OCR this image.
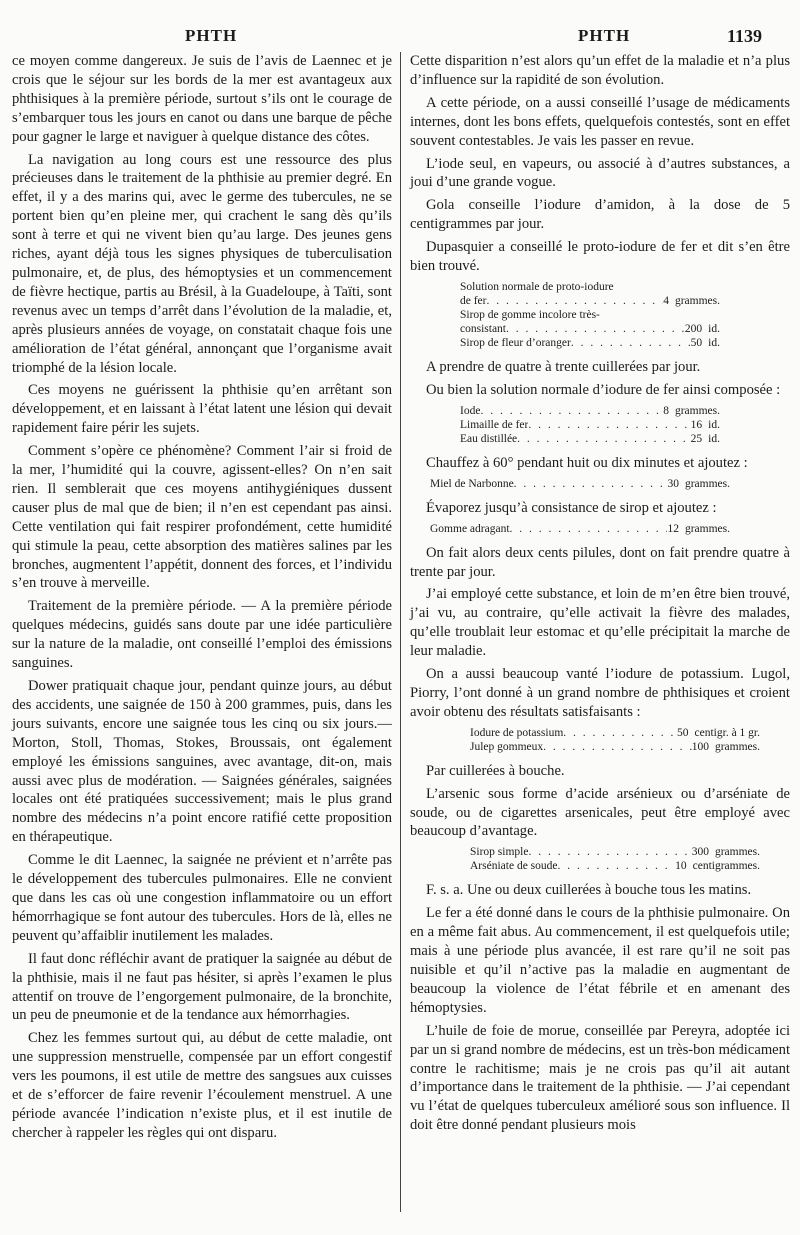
PHTH	PHTH	1139

ce moyen comme dangereux. Je suis de l’avis de Laennec et je crois que le séjour sur les bords de la mer est avantageux aux phthisiques à la première période, surtout s’ils ont le courage de s’embarquer tous les jours en canot ou dans une barque de pêche pour gagner le large et naviguer à quelque distance des côtes.

La navigation au long cours est une ressource des plus précieuses dans le traitement de la phthisie au premier degré. En effet, il y a des marins qui, avec le germe des tubercules, ne se portent bien qu’en pleine mer, qui crachent le sang dès qu’ils sont à terre et qui ne vivent bien qu’au large. Des jeunes gens riches, ayant déjà tous les signes physiques de tuberculisation pulmonaire, et, de plus, des hémoptysies et un commencement de fièvre hectique, partis au Brésil, à la Guadeloupe, à Taïti, sont revenus avec un temps d’arrêt dans l’évolution de la maladie, et, après plusieurs années de voyage, on constatait chaque fois une amélioration de l’état général, annonçant que l’organisme avait triomphé de la lésion locale.

Ces moyens ne guérissent la phthisie qu’en arrêtant son développement, et en laissant à l’état latent une lésion qui devait rapidement faire périr les sujets.

Comment s’opère ce phénomène? Comment l’air si froid de la mer, l’humidité qui la couvre, agissent-elles? On n’en sait rien. Il semblerait que ces moyens antihygiéniques dussent causer plus de mal que de bien; il n’en est cependant pas ainsi. Cette ventilation qui fait respirer profondément, cette humidité qui stimule la peau, cette absorption des matières salines par les bronches, augmentent l’appétit, donnent des forces, et l’individu s’en trouve à merveille.

Traitement de la première période. — A la première période quelques médecins, guidés sans doute par une idée particulière sur la nature de la maladie, ont conseillé l’emploi des émissions sanguines.

Dower pratiquait chaque jour, pendant quinze jours, au début des accidents, une saignée de 150 à 200 grammes, puis, dans les jours suivants, encore une saignée tous les cinq ou six jours.—Morton, Stoll, Thomas, Stokes, Broussais, ont également employé les émissions sanguines, avec avantage, dit-on, mais aussi avec plus de modération. — Saignées générales, saignées locales ont été pratiquées successivement; mais le plus grand nombre des médecins n’a point encore ratifié cette proposition en thérapeutique.

Comme le dit Laennec, la saignée ne prévient et n’arrête pas le développement des tubercules pulmonaires. Elle ne convient que dans les cas où une congestion inflammatoire ou un effort hémorrhagique se font autour des tubercules. Hors de là, elles ne peuvent qu’affaiblir inutilement les malades.

Il faut donc réfléchir avant de pratiquer la saignée au début de la phthisie, mais il ne faut pas hésiter, si après l’examen le plus attentif on trouve de l’engorgement pulmonaire, de la bronchite, un peu de pneumonie et de la tendance aux hémorrhagies.

Chez les femmes surtout qui, au début de cette maladie, ont une suppression menstruelle, compensée par un effort congestif vers les poumons, il est utile de mettre des sangsues aux cuisses et de s’efforcer de faire revenir l’écoulement menstruel. A une période avancée l’indication n’existe plus, et il est inutile de chercher à rappeler les règles qui ont disparu.

Cette disparition n’est alors qu’un effet de la maladie et n’a plus d’influence sur la rapidité de son évolution.

A cette période, on a aussi conseillé l’usage de médicaments internes, dont les bons effets, quelquefois contestés, sont en effet souvent contestables. Je vais les passer en revue.

L’iode seul, en vapeurs, ou associé à d’autres substances, a joui d’une grande vogue.

Gola conseille l’iodure d’amidon, à la dose de 5 centigrammes par jour.

Dupasquier a conseillé le proto-iodure de fer et dit s’en être bien trouvé.

Solution normale de proto-iodure
de fer . . .	4 grammes.
Sirop de gomme incolore très-
consistant . . .	200 id.
Sirop de fleur d’oranger . . .	50 id.

A prendre de quatre à trente cuillerées par jour.

Ou bien la solution normale d’iodure de fer ainsi composée :

Iode . . .	8 grammes.
Limaille de fer . . .	16 id.
Eau distillée . . .	25 id.

Chauffez à 60° pendant huit ou dix minutes et ajoutez :

Miel de Narbonne . . .	30 grammes.

Évaporez jusqu’à consistance de sirop et ajoutez :

Gomme adragant . . .	12 grammes.

On fait alors deux cents pilules, dont on fait prendre quatre à trente par jour.

J’ai employé cette substance, et loin de m’en être bien trouvé, j’ai vu, au contraire, qu’elle activait la fièvre des malades, qu’elle troublait leur estomac et qu’elle précipitait la marche de leur maladie.

On a aussi beaucoup vanté l’iodure de potassium. Lugol, Piorry, l’ont donné à un grand nombre de phthisiques et croient avoir obtenu des résultats satisfaisants :

Iodure de potassium . . .	50 centigr. à 1 gr.
Julep gommeux . . .	100 grammes.

Par cuillerées à bouche.

L’arsenic sous forme d’acide arsénieux ou d’arséniate de soude, ou de cigarettes arsenicales, peut être employé avec beaucoup d’avantage.

Sirop simple . . .	300 grammes.
Arséniate de soude . . .	10 centigrammes.

F. s. a. Une ou deux cuillerées à bouche tous les matins.

Le fer a été donné dans le cours de la phthisie pulmonaire. On en a même fait abus. Au commencement, il est quelquefois utile; mais à une période plus avancée, il est rare qu’il ne soit pas nuisible et qu’il n’active pas la maladie en augmentant de beaucoup la violence de l’état fébrile et en amenant des hémoptysies.

L’huile de foie de morue, conseillée par Pereyra, adoptée ici par un si grand nombre de médecins, est un très-bon médicament contre le rachitisme; mais je ne crois pas qu’il ait autant d’importance dans le traitement de la phthisie. — J’ai cependant vu l’état de quelques tuberculeux amélioré sous son influence. Il doit être donné pendant plusieurs mois
